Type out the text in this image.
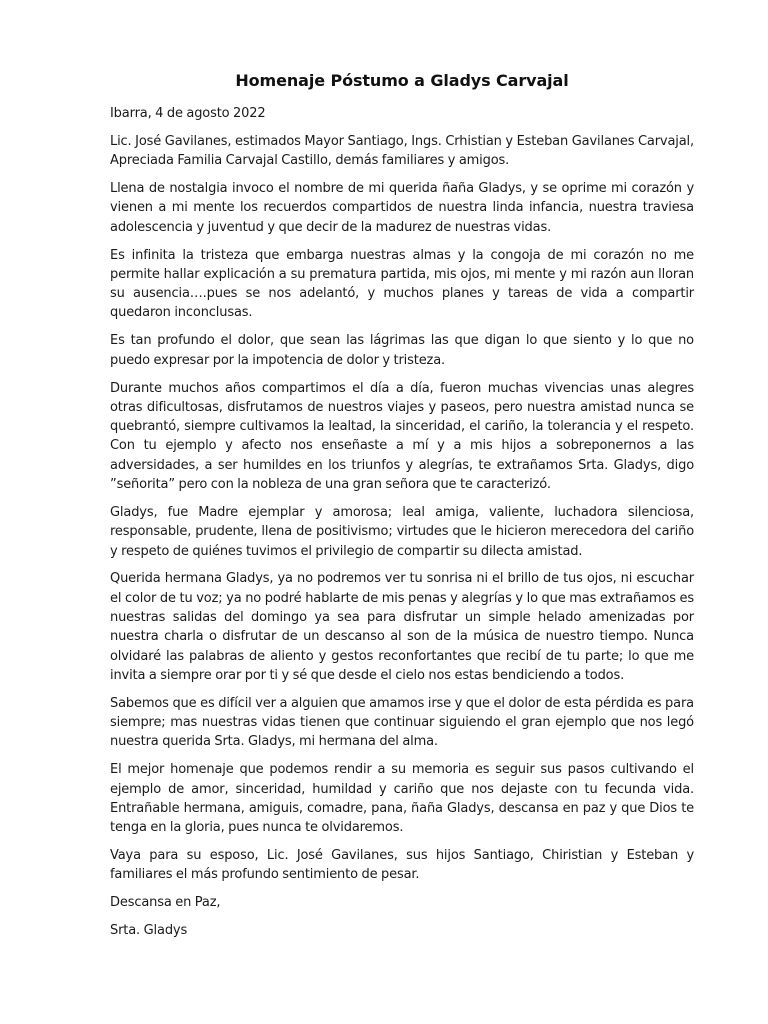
Homenaje Póstumo a Gladys Carvajal

Ibarra, 4 de agosto 2022

Lic. José Gavilanes, estimados Mayor Santiago, Ings. Crhistian y Esteban Gavilanes Carvajal, Apreciada Familia Carvajal Castillo, demás familiares y amigos.

Llena de nostalgia invoco el nombre de mi querida ñaña Gladys, y se oprime mi corazón y vienen a mi mente los recuerdos compartidos de nuestra linda infancia, nuestra traviesa adolescencia y juventud y que decir de la madurez de nuestras vidas.

Es infinita la tristeza que embarga nuestras almas y la congoja de mi corazón no me permite hallar explicación a su prematura partida, mis ojos, mi mente y mi razón aun lloran su ausencia….pues se nos adelantó, y muchos planes y tareas de vida a compartir quedaron inconclusas.

Es tan profundo el dolor, que sean las lágrimas las que digan lo que siento y lo que no puedo expresar por la impotencia de dolor y tristeza.

Durante muchos años compartimos el día a día, fueron muchas vivencias unas alegres otras dificultosas, disfrutamos de nuestros viajes y paseos, pero nuestra amistad nunca se quebrantó, siempre cultivamos la lealtad, la sinceridad, el cariño, la tolerancia y el respeto. Con tu ejemplo y afecto nos enseñaste a mí y a mis hijos a sobreponernos a las adversidades, a ser humildes en los triunfos y alegrías, te extrañamos Srta. Gladys, digo ”señorita” pero con la nobleza de una gran señora que te caracterizó.

Gladys, fue Madre ejemplar y amorosa; leal amiga, valiente, luchadora silenciosa, responsable, prudente, llena de positivismo; virtudes que le hicieron merecedora del cariño y respeto de quiénes tuvimos el privilegio de compartir su dilecta amistad.

Querida hermana Gladys, ya no podremos ver tu sonrisa ni el brillo de tus ojos, ni escuchar el color de tu voz; ya no podré hablarte de mis penas y alegrías y lo que mas extrañamos es nuestras salidas del domingo ya sea para disfrutar un simple helado amenizadas por nuestra charla o disfrutar de un descanso al son de la música de nuestro tiempo. Nunca olvidaré las palabras de aliento y gestos reconfortantes que recibí de tu parte; lo que me invita a siempre orar por ti y sé que desde el cielo nos estas bendiciendo a todos.

Sabemos que es difícil ver a alguien que amamos irse y que el dolor de esta pérdida es para siempre; mas nuestras vidas tienen que continuar siguiendo el gran ejemplo que nos legó nuestra querida Srta. Gladys, mi hermana del alma.

El mejor homenaje que podemos rendir a su memoria es seguir sus pasos cultivando el ejemplo de amor, sinceridad, humildad y cariño que nos dejaste con tu fecunda vida. Entrañable hermana, amiguis, comadre, pana, ñaña Gladys, descansa en paz y que Dios te tenga en la gloria, pues nunca te olvidaremos.

Vaya para su esposo, Lic. José Gavilanes, sus hijos Santiago, Chiristian y Esteban y familiares el más profundo sentimiento de pesar.

Descansa en Paz,

Srta. Gladys
